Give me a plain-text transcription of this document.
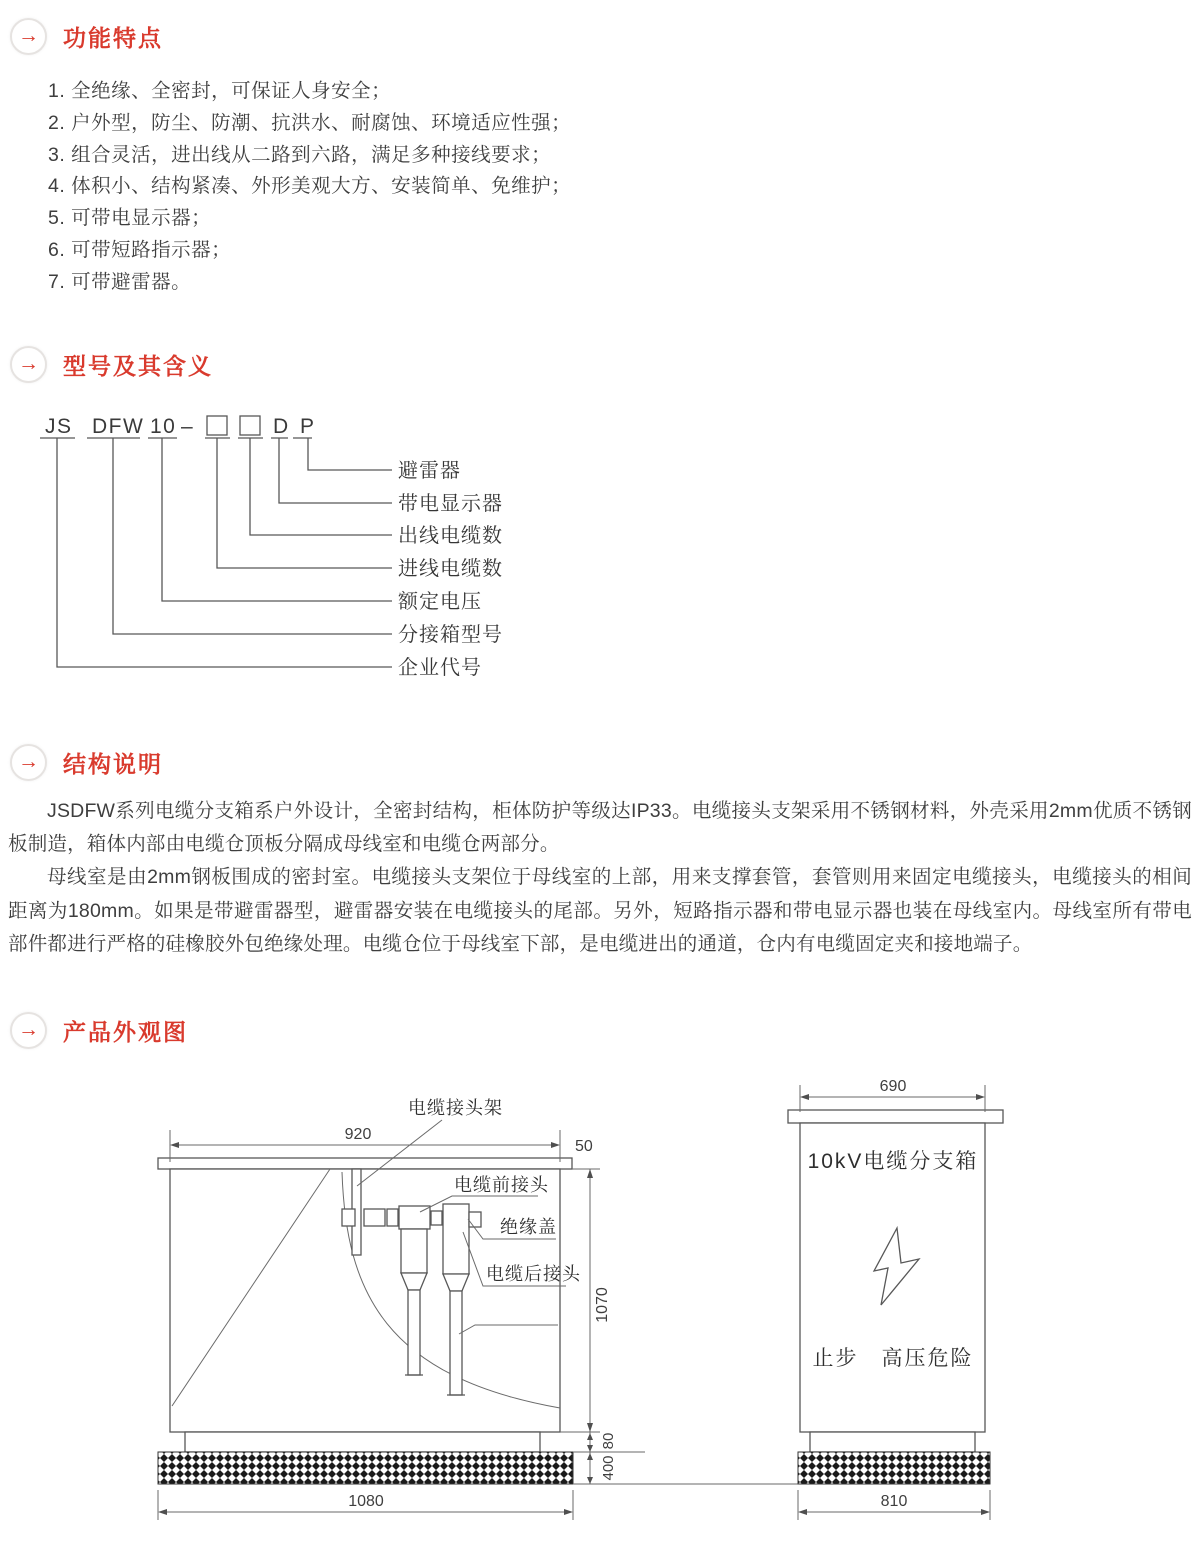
→ 功能特点
1. 全绝缘、全密封，可保证人身安全；
2. 户外型，防尘、防潮、抗洪水、耐腐蚀、环境适应性强；
3. 组合灵活，进出线从二路到六路，满足多种接线要求；
4. 体积小、结构紧凑、外形美观大方、安装简单、免维护；
5. 可带电显示器；
6. 可带短路指示器；
7. 可带避雷器。
→ 型号及其含义
JS DFW 10 –	D P
避雷器
带电显示器
出线电缆数
进线电缆数
额定电压
分接箱型号
企业代号
→ 结构说明

JSDFW系列电缆分支箱系户外设计，全密封结构，柜体防护等级达IP33。电缆接头支架采用不锈钢材料，外壳采用2mm优质不锈钢板制造，箱体内部由电缆仓顶板分隔成母线室和电缆仓两部分。

母线室是由2mm钢板围成的密封室。电缆接头支架位于母线室的上部，用来支撑套管，套管则用来固定电缆接头，电缆接头的相间距离为180mm。如果是带避雷器型，避雷器安装在电缆接头的尾部。另外，短路指示器和带电显示器也装在母线室内。母线室所有带电部件都进行严格的硅橡胶外包绝缘处理。电缆仓位于母线室下部，是电缆进出的通道，仓内有电缆固定夹和接地端子。

→ 产品外观图
电缆接头架
电缆前接头
绝缘盖
电缆后接头
920
50
1070
80
400
1080
10kV电缆分支箱
止步　高压危险
690
810
